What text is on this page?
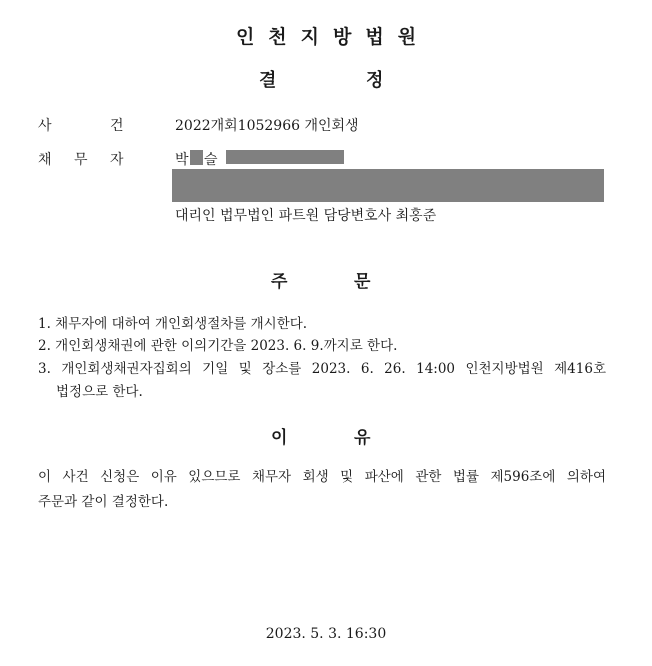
인천지방법원
결	정
사	건	2022개회1052966 개인회생
채 무 자	박 슬
대리인 법무법인 파트원 담당변호사 최홍준
주	문
1. 채무자에 대하여 개인회생절차를 개시한다.
2. 개인회생채권에 관한 이의기간을 2023. 6. 9.까지로 한다.
3. 개인회생채권자집회의 기일 및 장소를 2023. 6. 26. 14:00 인천지방법원 제416호
법정으로 한다.
이	유
이 사건 신청은 이유 있으므로 채무자 회생 및 파산에 관한 법률 제596조에 의하여
주문과 같이 결정한다.
2023. 5. 3. 16:30
